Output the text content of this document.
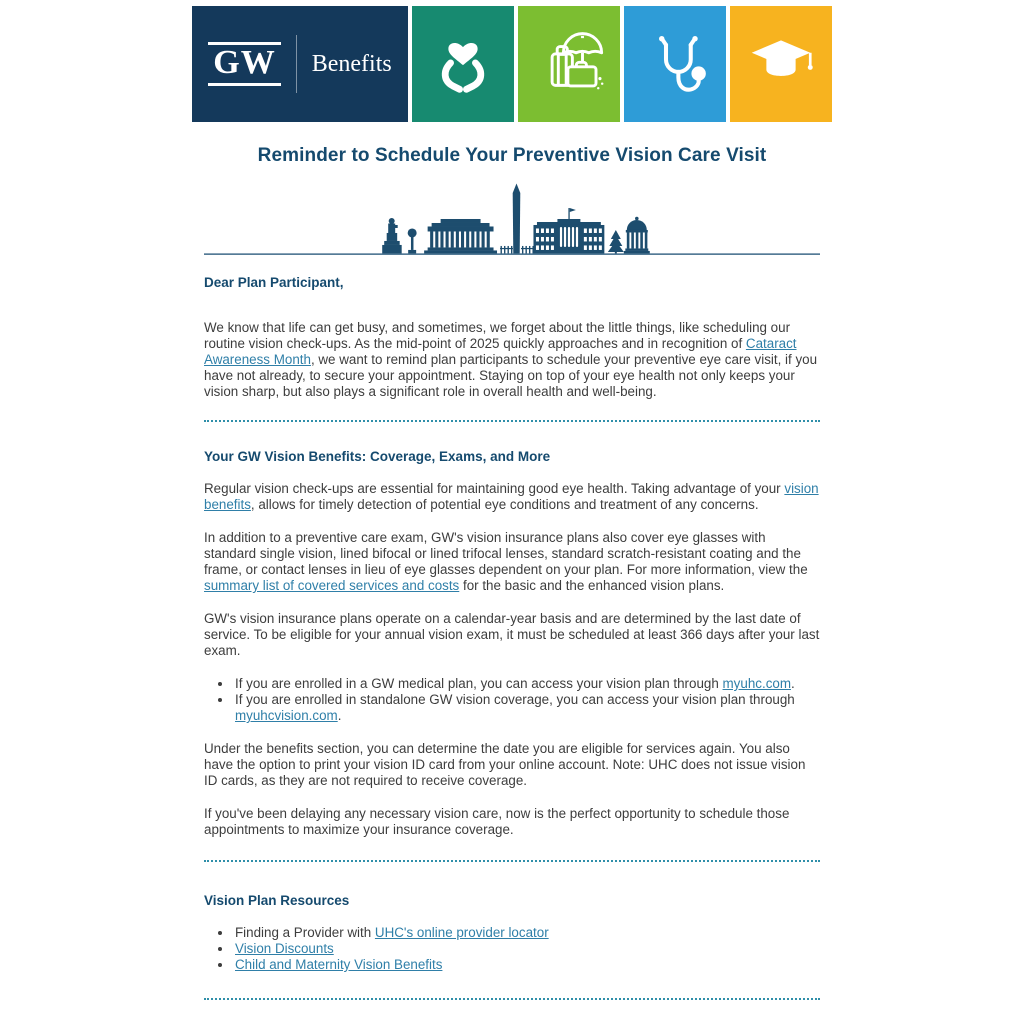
GW Benefits
Reminder to Schedule Your Preventive Vision Care Visit

Dear Plan Participant,

We know that life can get busy, and sometimes, we forget about the little things, like scheduling our routine vision check-ups. As the mid-point of 2025 quickly approaches and in recognition of Cataract Awareness Month, we want to remind plan participants to schedule your preventive eye care visit, if you have not already, to secure your appointment. Staying on top of your eye health not only keeps your vision sharp, but also plays a significant role in overall health and well-being.

Your GW Vision Benefits: Coverage, Exams, and More

Regular vision check-ups are essential for maintaining good eye health. Taking advantage of your vision benefits, allows for timely detection of potential eye conditions and treatment of any concerns.

In addition to a preventive care exam, GW's vision insurance plans also cover eye glasses with standard single vision, lined bifocal or lined trifocal lenses, standard scratch-resistant coating and the frame, or contact lenses in lieu of eye glasses dependent on your plan. For more information, view the summary list of covered services and costs for the basic and the enhanced vision plans.

GW's vision insurance plans operate on a calendar-year basis and are determined by the last date of service. To be eligible for your annual vision exam, it must be scheduled at least 366 days after your last exam.

• If you are enrolled in a GW medical plan, you can access your vision plan through myuhc.com.
• If you are enrolled in standalone GW vision coverage, you can access your vision plan through myuhcvision.com.

Under the benefits section, you can determine the date you are eligible for services again. You also have the option to print your vision ID card from your online account. Note: UHC does not issue vision ID cards, as they are not required to receive coverage.

If you've been delaying any necessary vision care, now is the perfect opportunity to schedule those appointments to maximize your insurance coverage.

Vision Plan Resources
• Finding a Provider with UHC's online provider locator
• Vision Discounts
• Child and Maternity Vision Benefits
